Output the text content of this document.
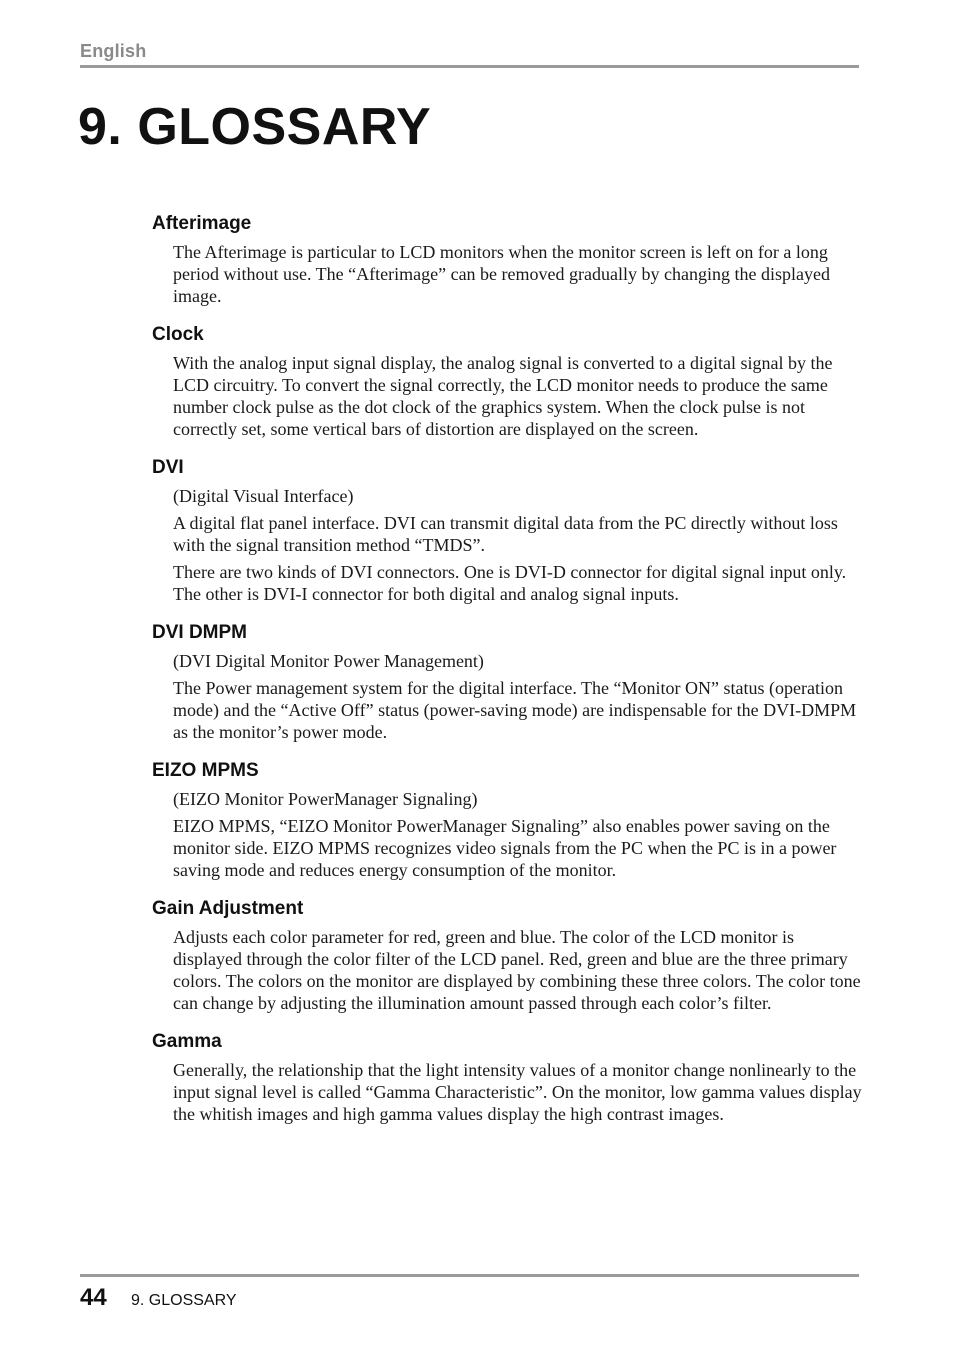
English
9. GLOSSARY
Afterimage

The Afterimage is particular to LCD monitors when the monitor screen is left on for a long period without use. The “Afterimage” can be removed gradually by changing the displayed image.

Clock

With the analog input signal display, the analog signal is converted to a digital signal by the LCD circuitry. To convert the signal correctly, the LCD monitor needs to produce the same number clock pulse as the dot clock of the graphics system. When the clock pulse is not correctly set, some vertical bars of distortion are displayed on the screen.

DVI

(Digital Visual Interface)

A digital flat panel interface. DVI can transmit digital data from the PC directly without loss with the signal transition method “TMDS”.

There are two kinds of DVI connectors. One is DVI-D connector for digital signal input only. The other is DVI-I connector for both digital and analog signal inputs.

DVI DMPM

(DVI Digital Monitor Power Management)

The Power management system for the digital interface. The “Monitor ON” status (operation mode) and the “Active Off” status (power-saving mode) are indispensable for the DVI-DMPM as the monitor’s power mode.

EIZO MPMS

(EIZO Monitor PowerManager Signaling)

EIZO MPMS, “EIZO Monitor PowerManager Signaling” also enables power saving on the monitor side. EIZO MPMS recognizes video signals from the PC when the PC is in a power saving mode and reduces energy consumption of the monitor.

Gain Adjustment

Adjusts each color parameter for red, green and blue. The color of the LCD monitor is displayed through the color filter of the LCD panel. Red, green and blue are the three primary colors. The colors on the monitor are displayed by combining these three colors. The color tone can change by adjusting the illumination amount passed through each color’s filter.

Gamma

Generally, the relationship that the light intensity values of a monitor change nonlinearly to the input signal level is called “Gamma Characteristic”. On the monitor, low gamma values display the whitish images and high gamma values display the high contrast images.

44 9. GLOSSARY
